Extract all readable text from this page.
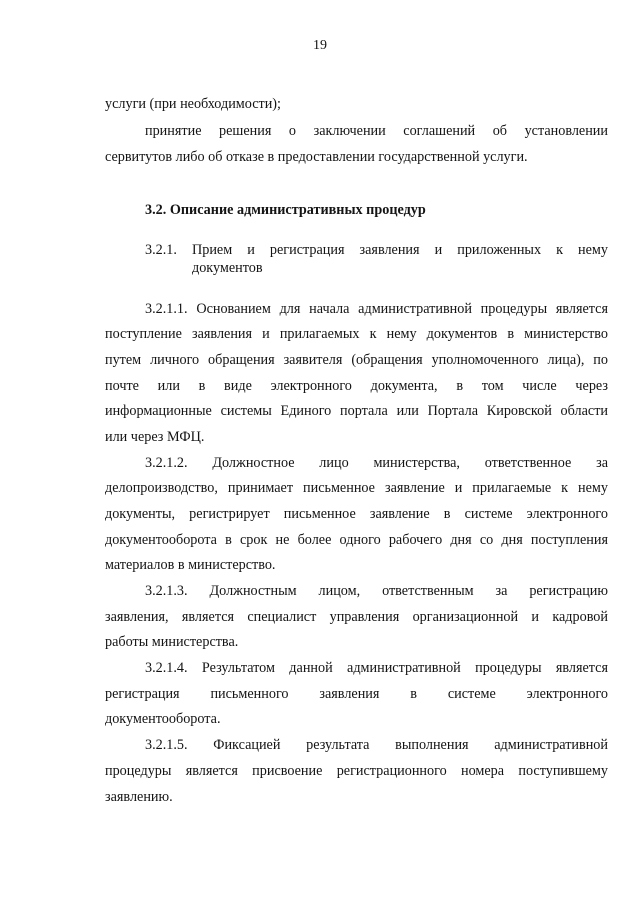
19
услуги (при необходимости);
принятие решения о заключении соглашений об установлении
сервитутов либо об отказе в предоставлении государственной услуги.
3.2. Описание административных процедур
3.2.1. Прием и регистрация заявления и приложенных к нему
документов
3.2.1.1. Основанием для начала административной процедуры является
поступление заявления и прилагаемых к нему документов в министерство
путем личного обращения заявителя (обращения уполномоченного лица), по
почте или в виде электронного документа, в том числе через
информационные системы Единого портала или Портала Кировской области
или через МФЦ.
3.2.1.2. Должностное лицо министерства, ответственное за
делопроизводство, принимает письменное заявление и прилагаемые к нему
документы, регистрирует письменное заявление в системе электронного
документооборота в срок не более одного рабочего дня со дня поступления
материалов в министерство.
3.2.1.3. Должностным лицом, ответственным за регистрацию
заявления, является специалист управления организационной и кадровой
работы министерства.
3.2.1.4. Результатом данной административной процедуры является
регистрация письменного заявления в системе электронного
документооборота.
3.2.1.5. Фиксацией результата выполнения административной
процедуры является присвоение регистрационного номера поступившему
заявлению.
